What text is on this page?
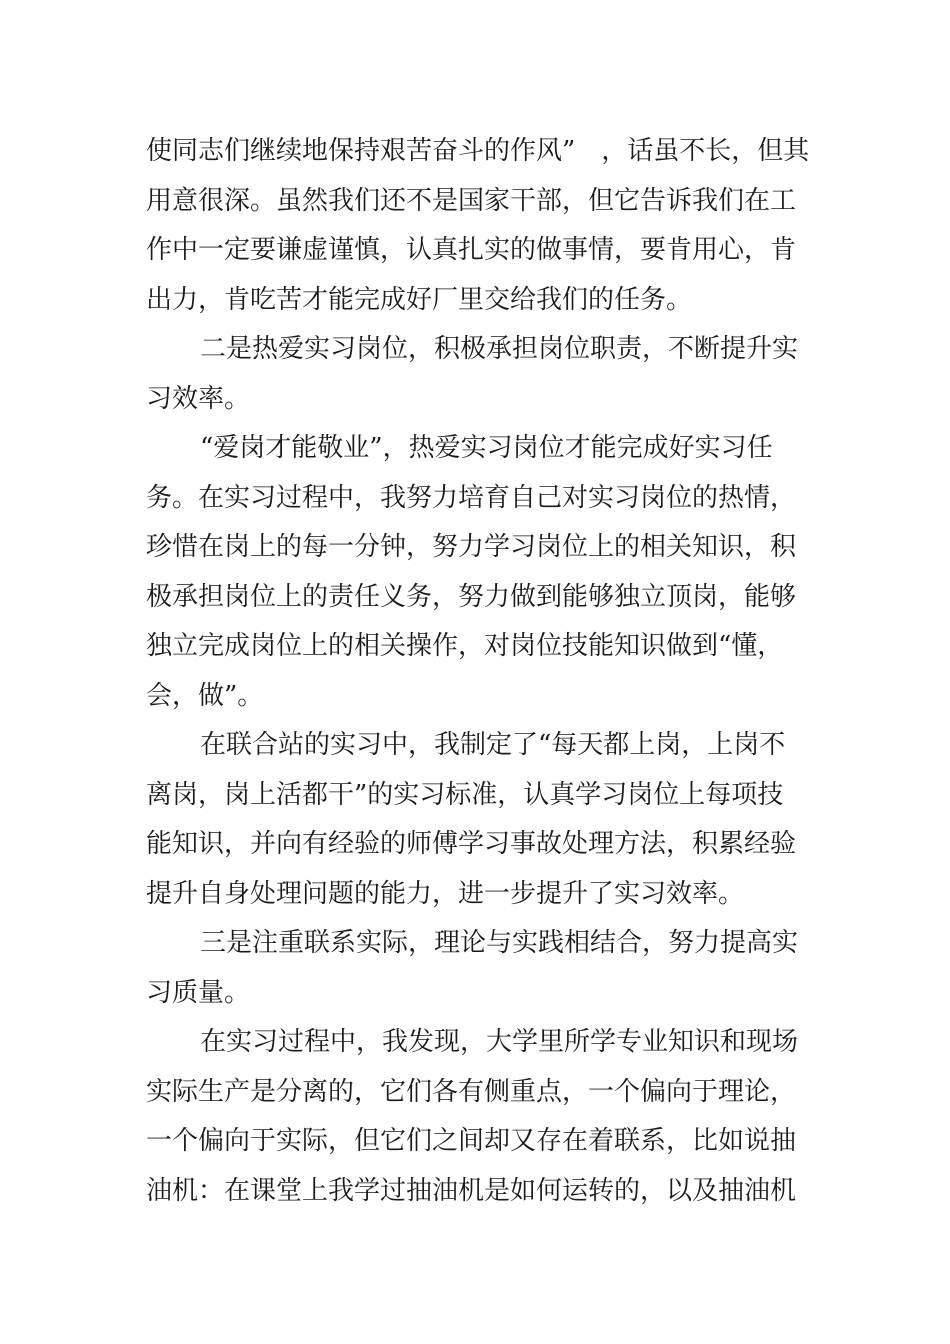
使同志们继续地保持艰苦奋斗的作风”　，话虽不长，但其
用意很深。虽然我们还不是国家干部，但它告诉我们在工
作中一定要谦虚谨慎，认真扎实的做事情，要肯用心，肯
出力，肯吃苦才能完成好厂里交给我们的任务。
二是热爱实习岗位，积极承担岗位职责，不断提升实
习效率。
“爱岗才能敬业”，热爱实习岗位才能完成好实习任
务。在实习过程中，我努力培育自己对实习岗位的热情，
珍惜在岗上的每一分钟，努力学习岗位上的相关知识，积
极承担岗位上的责任义务，努力做到能够独立顶岗，能够
独立完成岗位上的相关操作，对岗位技能知识做到“懂，
会，做”。
在联合站的实习中，我制定了“每天都上岗，上岗不
离岗，岗上活都干”的实习标准，认真学习岗位上每项技
能知识，并向有经验的师傅学习事故处理方法，积累经验
提升自身处理问题的能力，进一步提升了实习效率。
三是注重联系实际，理论与实践相结合，努力提高实
习质量。
在实习过程中，我发现，大学里所学专业知识和现场
实际生产是分离的，它们各有侧重点，一个偏向于理论，
一个偏向于实际，但它们之间却又存在着联系，比如说抽
油机：在课堂上我学过抽油机是如何运转的，以及抽油机
